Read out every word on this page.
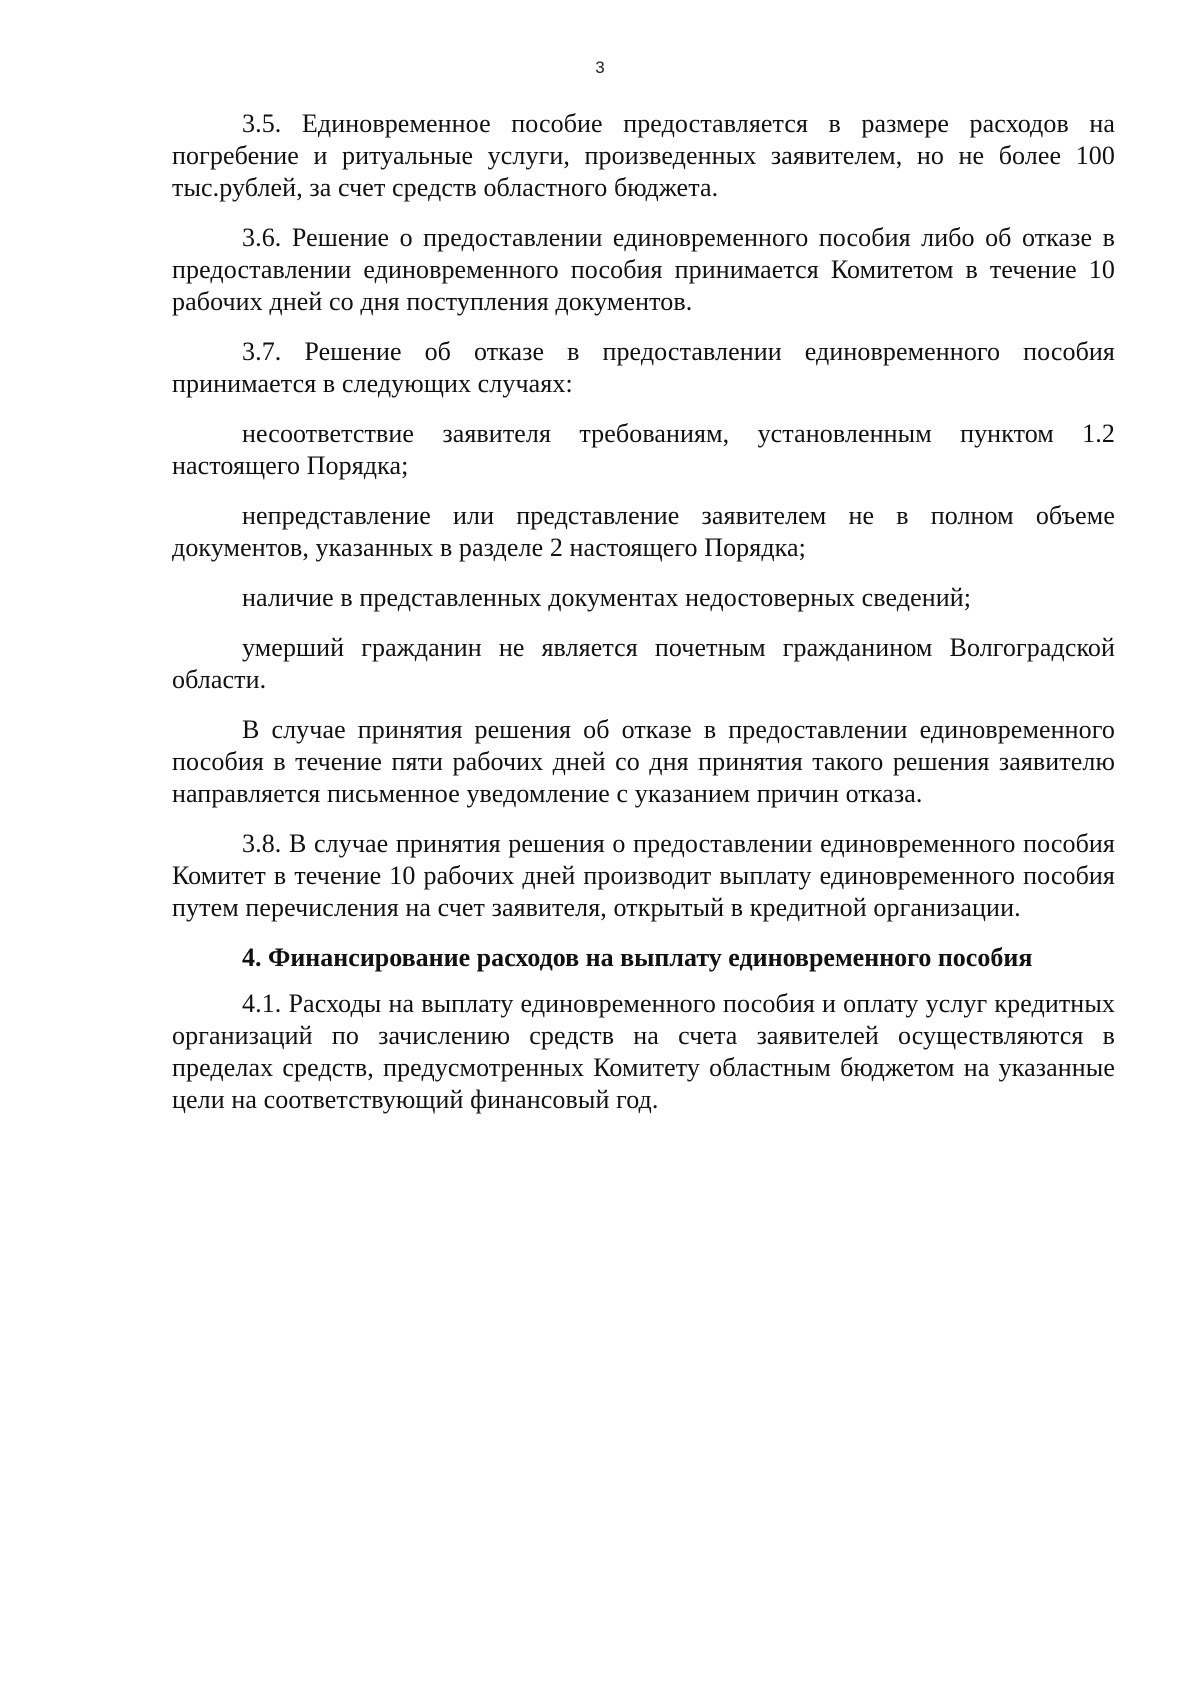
3

3.5. Единовременное пособие предоставляется в размере расходов на погребение и ритуальные услуги, произведенных заявителем, но не более 100 тыс.рублей, за счет средств областного бюджета.

3.6. Решение о предоставлении единовременного пособия либо об отказе в предоставлении единовременного пособия принимается Комитетом в течение 10 рабочих дней со дня поступления документов.

3.7. Решение об отказе в предоставлении единовременного пособия принимается в следующих случаях:

несоответствие заявителя требованиям, установленным пунктом 1.2 настоящего Порядка;

непредставление или представление заявителем не в полном объеме документов, указанных в разделе 2 настоящего Порядка;

наличие в представленных документах недостоверных сведений;

умерший гражданин не является почетным гражданином Волгоградской области.

В случае принятия решения об отказе в предоставлении единовременного пособия в течение пяти рабочих дней со дня принятия такого решения заявителю направляется письменное уведомление с указанием причин отказа.

3.8. В случае принятия решения о предоставлении единовременного пособия Комитет в течение 10 рабочих дней производит выплату единовременного пособия путем перечисления на счет заявителя, открытый в кредитной организации.

4. Финансирование расходов на выплату единовременного пособия

4.1. Расходы на выплату единовременного пособия и оплату услуг кредитных организаций по зачислению средств на счета заявителей осуществляются в пределах средств, предусмотренных Комитету областным бюджетом на указанные цели на соответствующий финансовый год.
